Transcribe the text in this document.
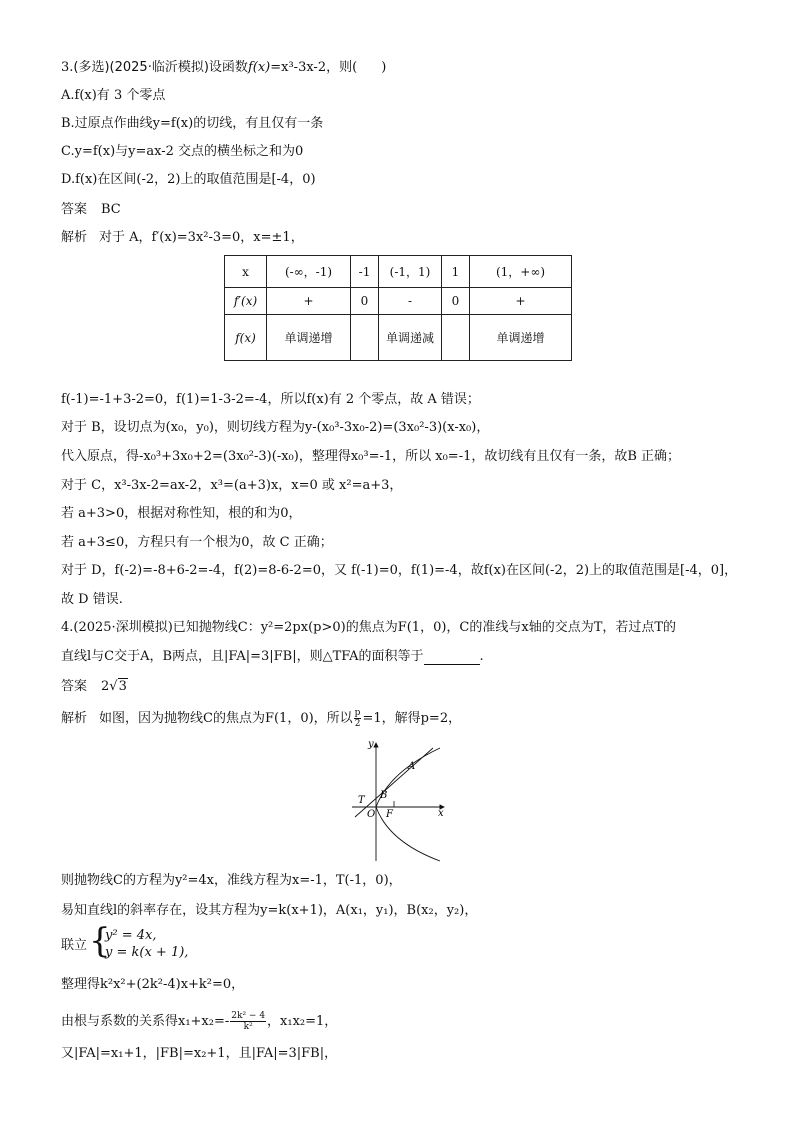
3.(多选)(2025·临沂模拟)设函数f(x)=x³-3x-2，则( )
A.f(x)有 3 个零点
B.过原点作曲线y=f(x)的切线，有且仅有一条
C.y=f(x)与y=ax-2 交点的横坐标之和为0
D.f(x)在区间(-2，2)上的取值范围是[-4，0)
答案 BC
解析 对于 A，f′(x)=3x²-3=0，x=±1，
x	(-∞，-1)	-1	(-1，1)	1	(1，+∞)
f′(x)	+	0	-	0	+
f(x)	单调递增		单调递减		单调递增
f(-1)=-1+3-2=0，f(1)=1-3-2=-4，所以f(x)有 2 个零点，故 A 错误；
对于 B，设切点为(x₀，y₀)，则切线方程为y-(x₀³-3x₀-2)=(3x₀²-3)(x-x₀)，
代入原点，得-x₀³+3x₀+2=(3x₀²-3)(-x₀)，整理得x₀³=-1，所以 x₀=-1，故切线有且仅有一条，故B 正确；
对于 C，x³-3x-2=ax-2，x³=(a+3)x，x=0 或 x²=a+3，
若 a+3>0，根据对称性知，根的和为0，
若 a+3≤0，方程只有一个根为0，故 C 正确；
对于 D，f(-2)=-8+6-2=-4，f(2)=8-6-2=0，又 f(-1)=0，f(1)=-4，故f(x)在区间(-2，2)上的取值范围是[-4，0]，
故 D 错误.
4.(2025·深圳模拟)已知抛物线C：y²=2px(p>0)的焦点为F(1，0)，C的准线与x轴的交点为T，若过点T的
直线l与C交于A，B两点，且|FA|=3|FB|，则△TFA的面积等于	.
答案 2√3
解析 如图，因为抛物线C的焦点为F(1，0)，所以 $\frac{p}{2} =1$，解得p=2，
y
x
A
B
T
O F
则抛物线C的方程为y²=4x，准线方程为x=-1，T(-1，0)，
易知直线l的斜率存在，设其方程为y=k(x+1)，A(x₁，y₁)，B(x₂，y₂)，
联立 {
y² = 4x,
y = k(x + 1),
整理得k²x²+(2k²-4)x+k²=0，
由根与系数的关系得$x_1+x_2=- \frac{\text{2k² − 4}}{\text{k²}}$ ，x₁x₂=1，
又|FA|=x₁+1，|FB|=x₂+1，且|FA|=3|FB|，
